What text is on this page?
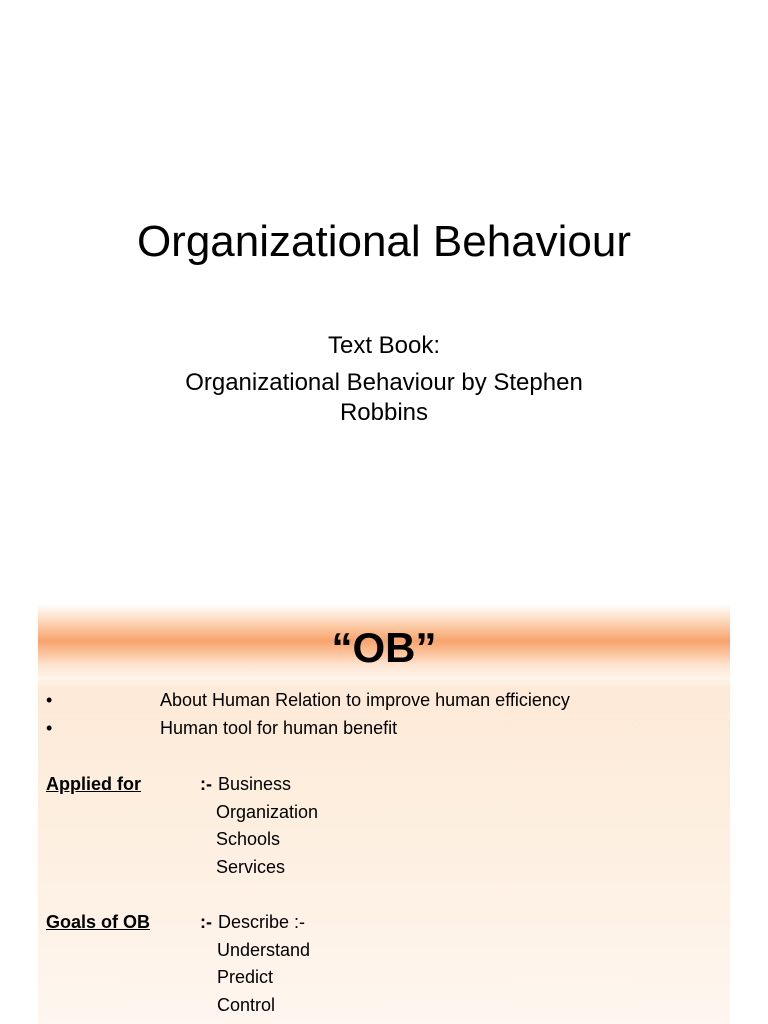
Organizational Behaviour
Text Book:
Organizational Behaviour by Stephen
Robbins
“OB”
•	About Human Relation to improve human efficiency
•	Human tool for human benefit
Applied for	:- Business
Organization
Schools
Services
Goals of OB	:- Describe :-
Understand
Predict
Control
